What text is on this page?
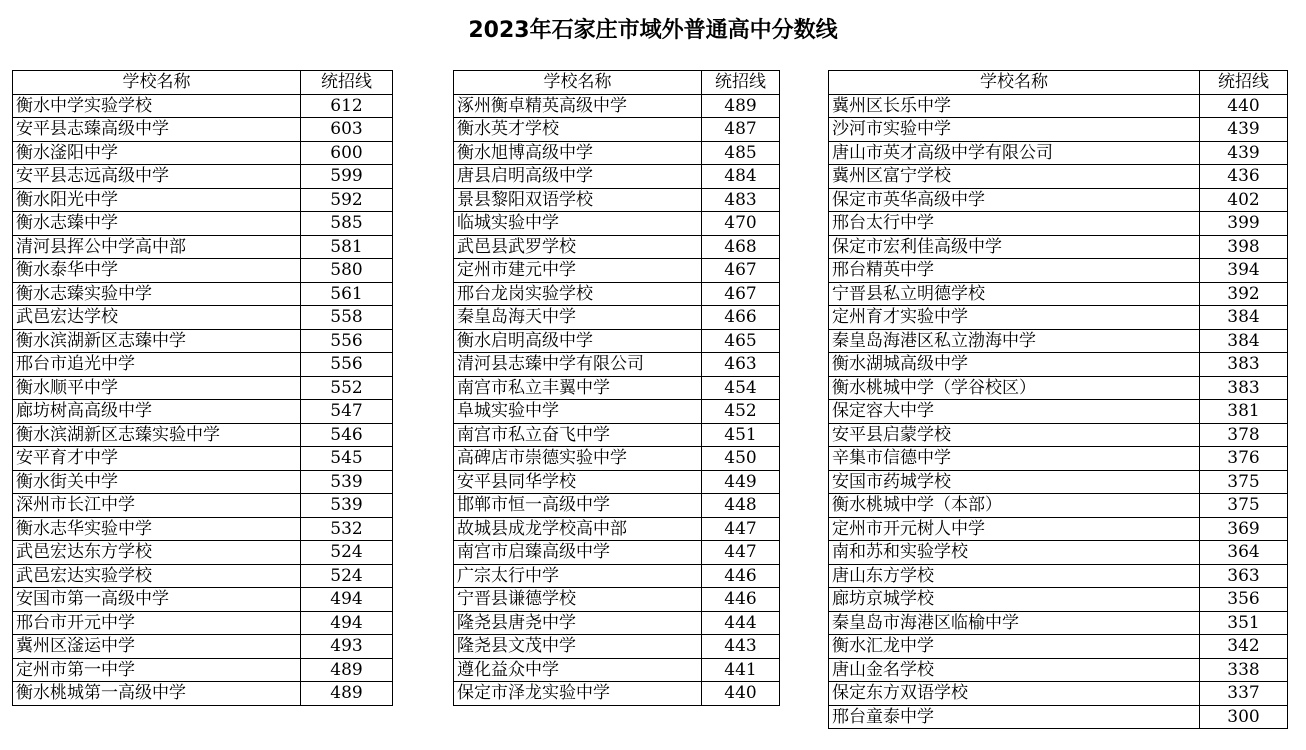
2023年石家庄市域外普通高中分数线
学校名称	统招线
衡水中学实验学校	612
安平县志臻高级中学	603
衡水滏阳中学	600
安平县志远高级中学	599
衡水阳光中学	592
衡水志臻中学	585
清河县挥公中学高中部	581
衡水泰华中学	580
衡水志臻实验中学	561
武邑宏达学校	558
衡水滨湖新区志臻中学	556
邢台市追光中学	556
衡水顺平中学	552
廊坊树高高级中学	547
衡水滨湖新区志臻实验中学	546
安平育才中学	545
衡水街关中学	539
深州市长江中学	539
衡水志华实验中学	532
武邑宏达东方学校	524
武邑宏达实验学校	524
安国市第一高级中学	494
邢台市开元中学	494
冀州区滏运中学	493
定州市第一中学	489
衡水桃城第一高级中学	489
学校名称	统招线
涿州衡卓精英高级中学	489
衡水英才学校	487
衡水旭博高级中学	485
唐县启明高级中学	484
景县黎阳双语学校	483
临城实验中学	470
武邑县武罗学校	468
定州市建元中学	467
邢台龙岗实验学校	467
秦皇岛海天中学	466
衡水启明高级中学	465
清河县志臻中学有限公司	463
南宫市私立丰翼中学	454
阜城实验中学	452
南宫市私立奋飞中学	451
高碑店市崇德实验中学	450
安平县同华学校	449
邯郸市恒一高级中学	448
故城县成龙学校高中部	447
南宫市启臻高级中学	447
广宗太行中学	446
宁晋县谦德学校	446
隆尧县唐尧中学	444
隆尧县文茂中学	443
遵化益众中学	441
保定市泽龙实验中学	440
学校名称	统招线
冀州区长乐中学	440
沙河市实验中学	439
唐山市英才高级中学有限公司	439
冀州区富宁学校	436
保定市英华高级中学	402
邢台太行中学	399
保定市宏利佳高级中学	398
邢台精英中学	394
宁晋县私立明德学校	392
定州育才实验中学	384
秦皇岛海港区私立渤海中学	384
衡水湖城高级中学	383
衡水桃城中学（学谷校区）	383
保定容大中学	381
安平县启蒙学校	378
辛集市信德中学	376
安国市药城学校	375
衡水桃城中学（本部）	375
定州市开元树人中学	369
南和苏和实验学校	364
唐山东方学校	363
廊坊京城学校	356
秦皇岛市海港区临榆中学	351
衡水汇龙中学	342
唐山金名学校	338
保定东方双语学校	337
邢台童泰中学	300
